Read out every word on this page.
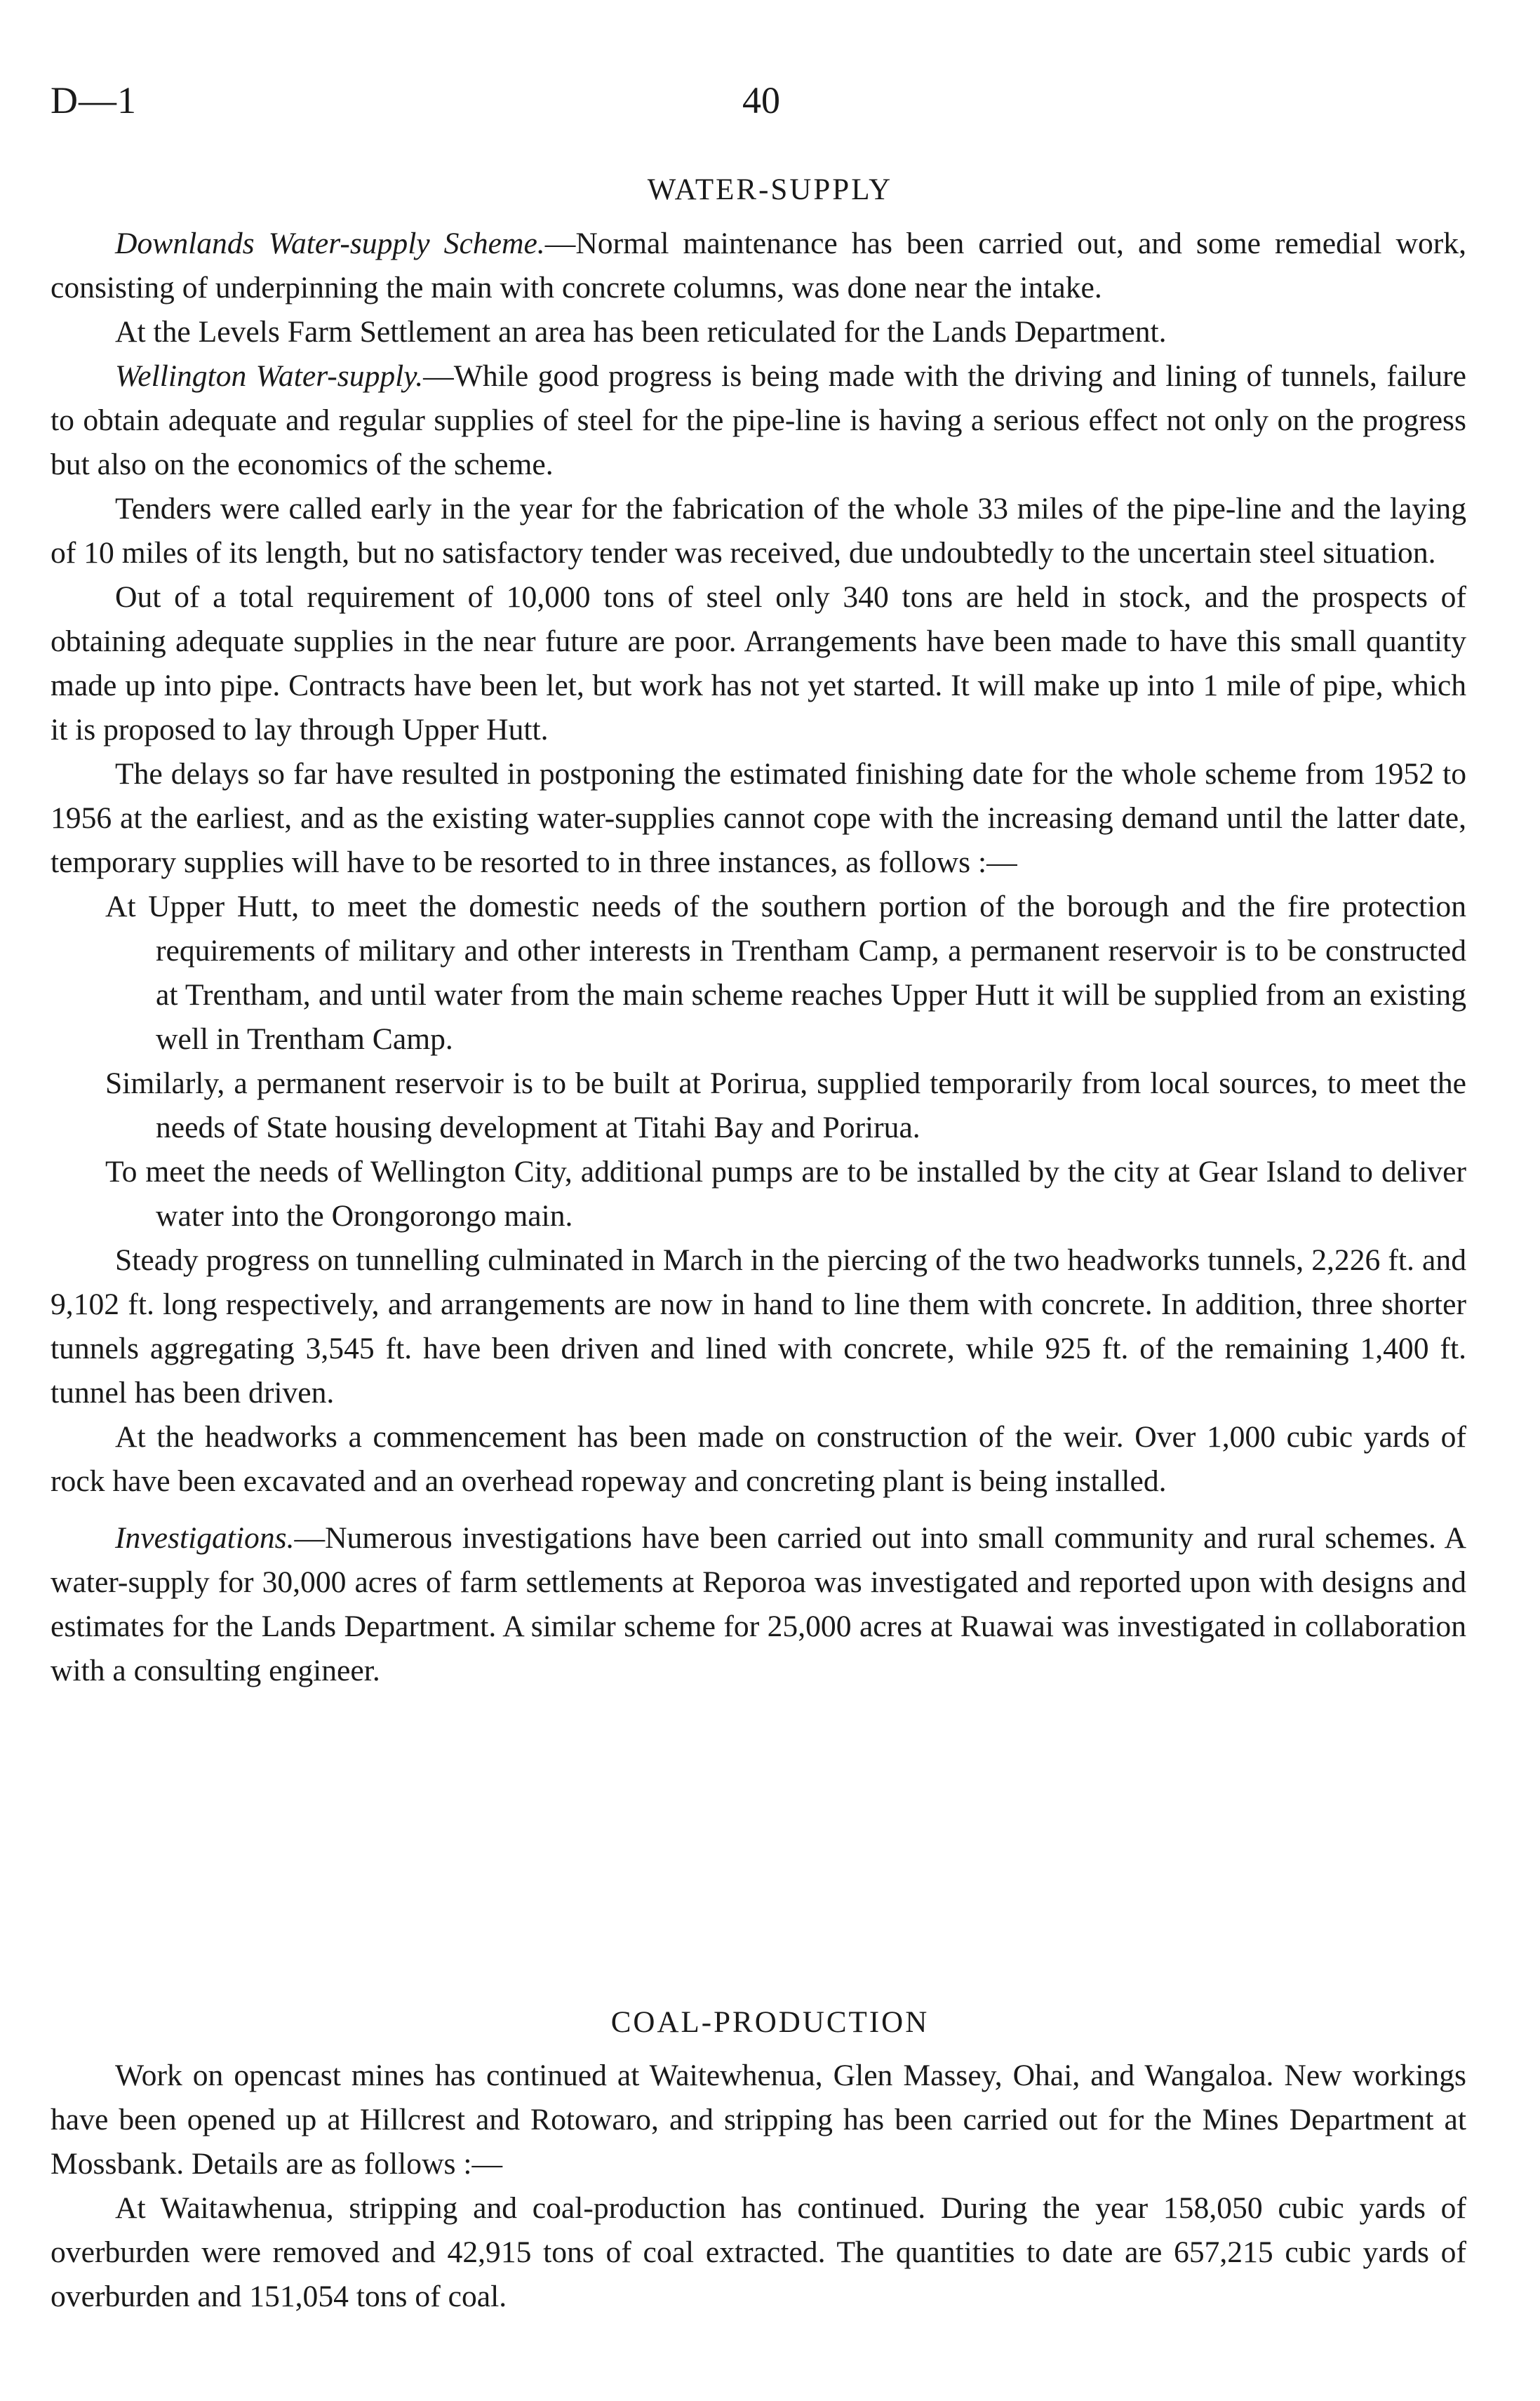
D—1	40
WATER-SUPPLY

Downlands Water-supply Scheme.—Normal maintenance has been carried out, and some remedial work, consisting of underpinning the main with concrete columns, was done near the intake.

At the Levels Farm Settlement an area has been reticulated for the Lands Department.

Wellington Water-supply.—While good progress is being made with the driving and lining of tunnels, failure to obtain adequate and regular supplies of steel for the pipe-line is having a serious effect not only on the progress but also on the economics of the scheme.

Tenders were called early in the year for the fabrication of the whole 33 miles of the pipe-line and the laying of 10 miles of its length, but no satisfactory tender was received, due undoubtedly to the uncertain steel situation.

Out of a total requirement of 10,000 tons of steel only 340 tons are held in stock, and the prospects of obtaining adequate supplies in the near future are poor. Arrangements have been made to have this small quantity made up into pipe. Contracts have been let, but work has not yet started. It will make up into 1 mile of pipe, which it is proposed to lay through Upper Hutt.

The delays so far have resulted in postponing the estimated finishing date for the whole scheme from 1952 to 1956 at the earliest, and as the existing water-supplies cannot cope with the increasing demand until the latter date, temporary supplies will have to be resorted to in three instances, as follows :—

At Upper Hutt, to meet the domestic needs of the southern portion of the borough and the fire protection requirements of military and other interests in Trentham Camp, a permanent reservoir is to be constructed at Trentham, and until water from the main scheme reaches Upper Hutt it will be supplied from an existing well in Trentham Camp.

Similarly, a permanent reservoir is to be built at Porirua, supplied temporarily from local sources, to meet the needs of State housing development at Titahi Bay and Porirua.

To meet the needs of Wellington City, additional pumps are to be installed by the city at Gear Island to deliver water into the Orongorongo main.

Steady progress on tunnelling culminated in March in the piercing of the two headworks tunnels, 2,226 ft. and 9,102 ft. long respectively, and arrangements are now in hand to line them with concrete. In addition, three shorter tunnels aggregating 3,545 ft. have been driven and lined with concrete, while 925 ft. of the remaining 1,400 ft. tunnel has been driven.

At the headworks a commencement has been made on construction of the weir. Over 1,000 cubic yards of rock have been excavated and an overhead ropeway and concreting plant is being installed.

Investigations.—Numerous investigations have been carried out into small community and rural schemes. A water-supply for 30,000 acres of farm settlements at Reporoa was investigated and reported upon with designs and estimates for the Lands Department. A similar scheme for 25,000 acres at Ruawai was investigated in collaboration with a consulting engineer.

COAL-PRODUCTION

Work on opencast mines has continued at Waitewhenua, Glen Massey, Ohai, and Wangaloa. New workings have been opened up at Hillcrest and Rotowaro, and stripping has been carried out for the Mines Department at Mossbank. Details are as follows :—

At Waitawhenua, stripping and coal-production has continued. During the year 158,050 cubic yards of overburden were removed and 42,915 tons of coal extracted. The quantities to date are 657,215 cubic yards of overburden and 151,054 tons of coal.
